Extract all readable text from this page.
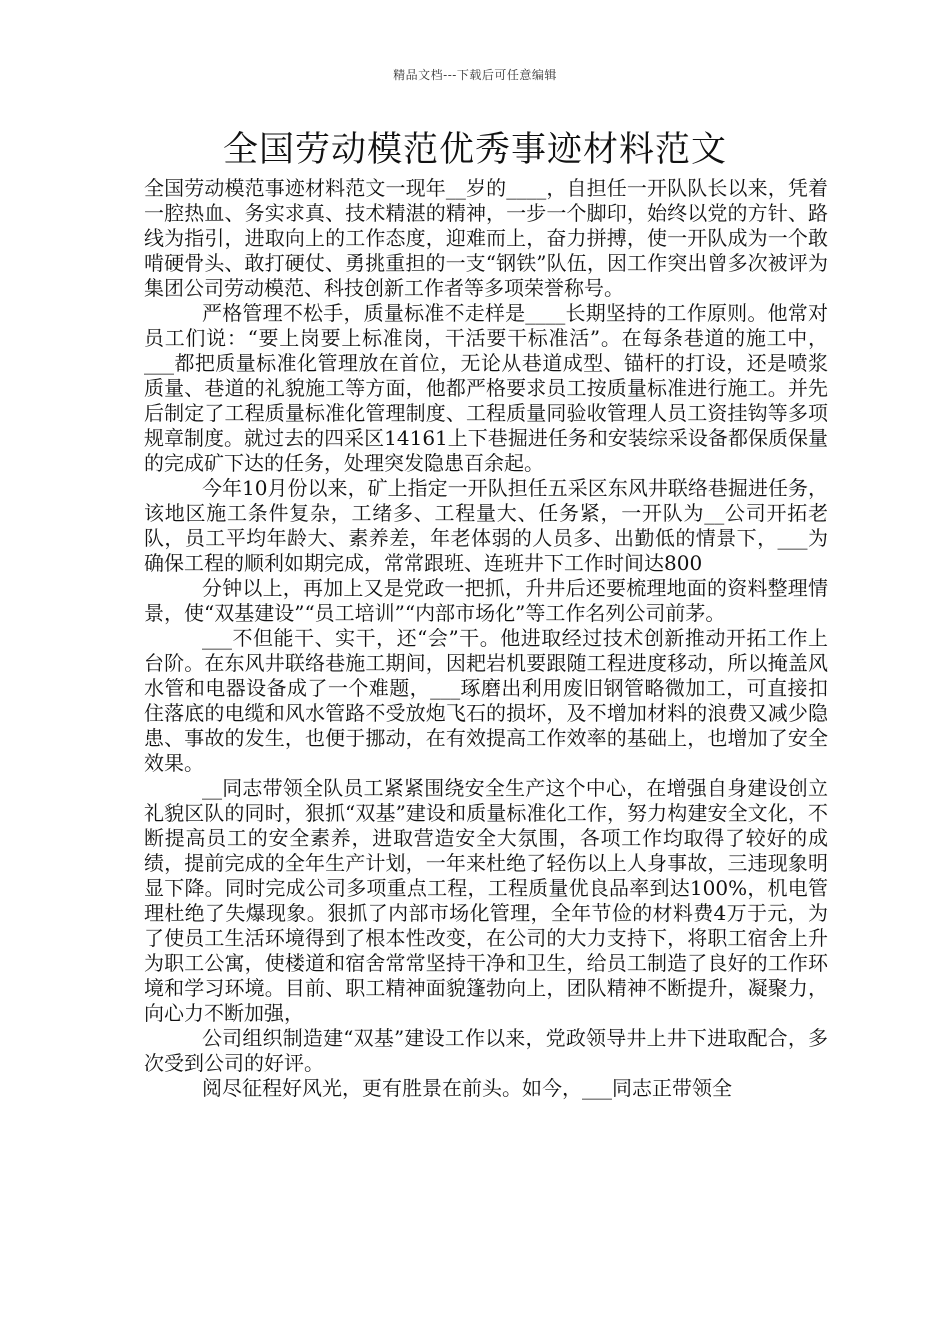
精品文档---下载后可任意编辑
全国劳动模范优秀事迹材料范文

全国劳动模范事迹材料范文一现年__岁的____，自担任一开队队长以来，凭着一腔热血、务实求真、技术精湛的精神，一步一个脚印，始终以党的方针、路线为指引，进取向上的工作态度，迎难而上，奋力拼搏，使一开队成为一个敢啃硬骨头、敢打硬仗、勇挑重担的一支“钢铁”队伍，因工作突出曾多次被评为集团公司劳动模范、科技创新工作者等多项荣誉称号。

严格管理不松手，质量标准不走样是____长期坚持的工作原则。他常对员工们说：“要上岗要上标准岗，干活要干标准活”。在每条巷道的施工中，___都把质量标准化管理放在首位，无论从巷道成型、锚杆的打设，还是喷浆质量、巷道的礼貌施工等方面，他都严格要求员工按质量标准进行施工。并先后制定了工程质量标准化管理制度、工程质量同验收管理人员工资挂钩等多项规章制度。就过去的四采区14161上下巷掘进任务和安装综采设备都保质保量的完成矿下达的任务，处理突发隐患百余起。

今年10月份以来，矿上指定一开队担任五采区东风井联络巷掘进任务，该地区施工条件复杂，工绪多、工程量大、任务紧，一开队为__公司开拓老队，员工平均年龄大、素养差，年老体弱的人员多、出勤低的情景下，___为确保工程的顺利如期完成，常常跟班、连班井下工作时间达800

分钟以上，再加上又是党政一把抓，升井后还要梳理地面的资料整理情景，使“双基建设”“员工培训”“内部市场化”等工作名列公司前茅。

___不但能干、实干，还“会”干。他进取经过技术创新推动开拓工作上台阶。在东风井联络巷施工期间，因耙岩机要跟随工程进度移动，所以掩盖风水管和电器设备成了一个难题，___琢磨出利用废旧钢管略微加工，可直接扣住落底的电缆和风水管路不受放炮飞石的损坏，及不增加材料的浪费又减少隐患、事故的发生，也便于挪动，在有效提高工作效率的基础上，也增加了安全效果。

__同志带领全队员工紧紧围绕安全生产这个中心，在增强自身建设创立礼貌区队的同时，狠抓“双基”建设和质量标准化工作，努力构建安全文化，不断提高员工的安全素养，进取营造安全大氛围，各项工作均取得了较好的成绩，提前完成的全年生产计划，一年来杜绝了轻伤以上人身事故，三违现象明显下降。同时完成公司多项重点工程，工程质量优良品率到达100%，机电管理杜绝了失爆现象。狠抓了内部市场化管理，全年节俭的材料费4万于元，为了使员工生活环境得到了根本性改变，在公司的大力支持下，将职工宿舍上升为职工公寓，使楼道和宿舍常常坚持干净和卫生，给员工制造了良好的工作环境和学习环境。目前、职工精神面貌篷勃向上，团队精神不断提升，凝聚力，向心力不断加强，

公司组织制造建“双基”建设工作以来，党政领导井上井下进取配合，多次受到公司的好评。

阅尽征程好风光，更有胜景在前头。如今，___同志正带领全
